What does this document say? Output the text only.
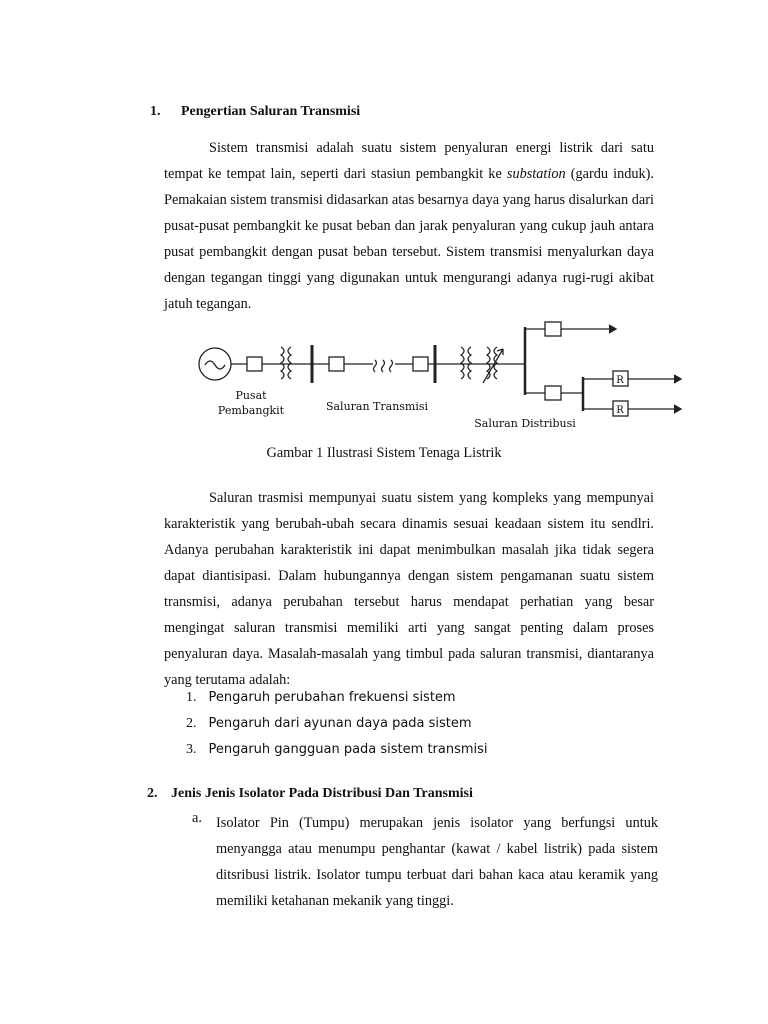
1. Pengertian Saluran Transmisi

Sistem transmisi adalah suatu sistem penyaluran energi listrik dari satu tempat ke tempat lain, seperti dari stasiun pembangkit ke substation (gardu induk). Pemakaian sistem transmisi didasarkan atas besarnya daya yang harus disalurkan dari pusat-pusat pembangkit ke pusat beban dan jarak penyaluran yang cukup jauh antara pusat pembangkit dengan pusat beban tersebut. Sistem transmisi menyalurkan daya dengan tegangan tinggi yang digunakan untuk mengurangi adanya rugi-rugi akibat jatuh tegangan.

R
R
Pusat
Pembangkit	Saluran Transmisi
Saluran Distribusi
Gambar 1 Ilustrasi Sistem Tenaga Listrik

Saluran trasmisi mempunyai suatu sistem yang kompleks yang mempunyai karakteristik yang berubah-ubah secara dinamis sesuai keadaan sistem itu sendlri. Adanya perubahan karakteristik ini dapat menimbulkan masalah jika tidak segera dapat diantisipasi. Dalam hubungannya dengan sistem pengamanan suatu sistem transmisi, adanya perubahan tersebut harus mendapat perhatian yang besar mengingat saluran transmisi memiliki arti yang sangat penting dalam proses penyaluran daya. Masalah-masalah yang timbul pada saluran transmisi, diantaranya yang terutama adalah:

1. Pengaruh perubahan frekuensi sistem
2. Pengaruh dari ayunan daya pada sistem
3. Pengaruh gangguan pada sistem transmisi
2. Jenis Jenis Isolator Pada Distribusi Dan Transmisi
a. Isolator Pin (Tumpu) merupakan jenis isolator yang berfungsi untuk menyangga atau menumpu penghantar (kawat / kabel listrik) pada sistem ditsribusi listrik. Isolator tumpu terbuat dari bahan kaca atau keramik yang memiliki ketahanan mekanik yang tinggi.
